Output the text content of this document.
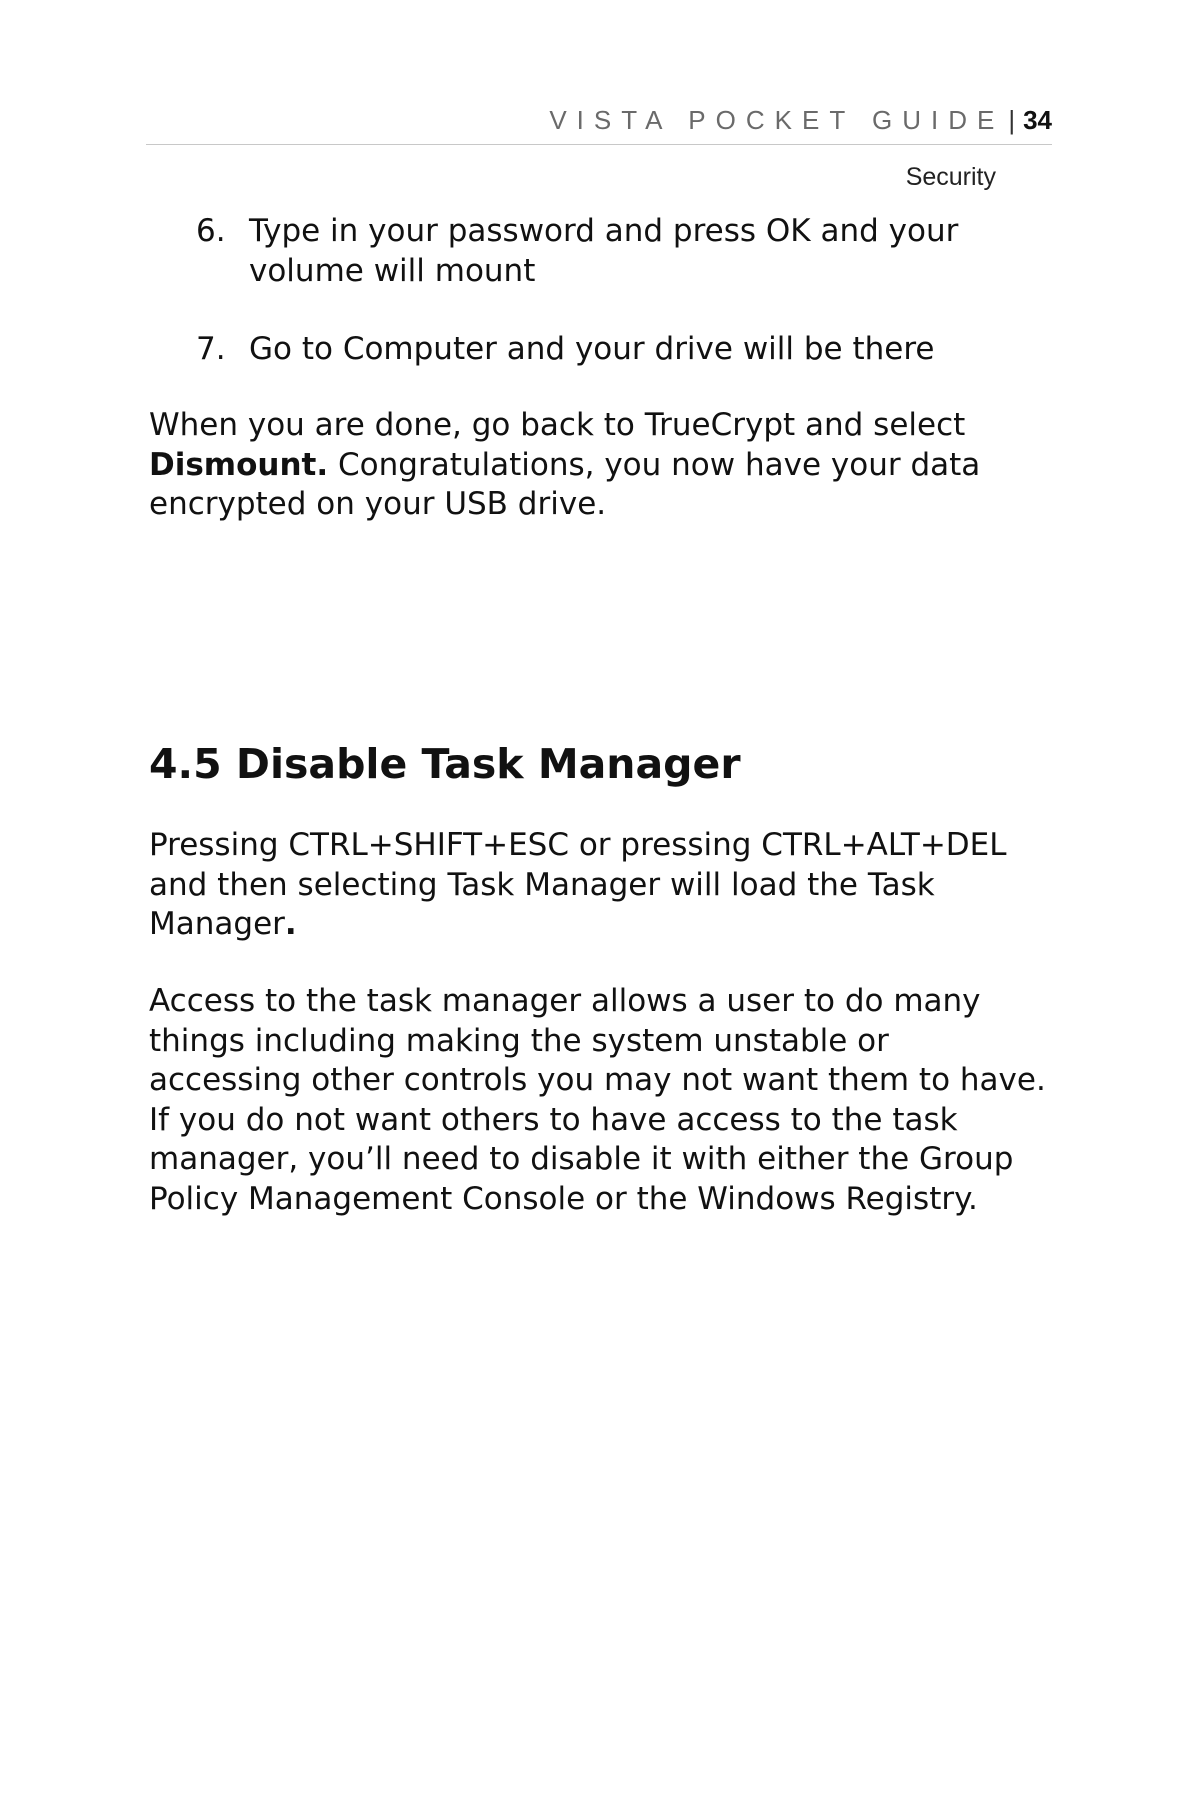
VISTA POCKET GUIDE | 34
Security
6. Type in your password and press OK and your volume will mount
7. Go to Computer and your drive will be there

When you are done, go back to TrueCrypt and select Dismount. Congratulations, you now have your data encrypted on your USB drive.

4.5 Disable Task Manager

Pressing CTRL+SHIFT+ESC or pressing CTRL+ALT+DEL and then selecting Task Manager will load the Task Manager.

Access to the task manager allows a user to do many things including making the system unstable or accessing other controls you may not want them to have. If you do not want others to have access to the task manager, you’ll need to disable it with either the Group Policy Management Console or the Windows Registry.
